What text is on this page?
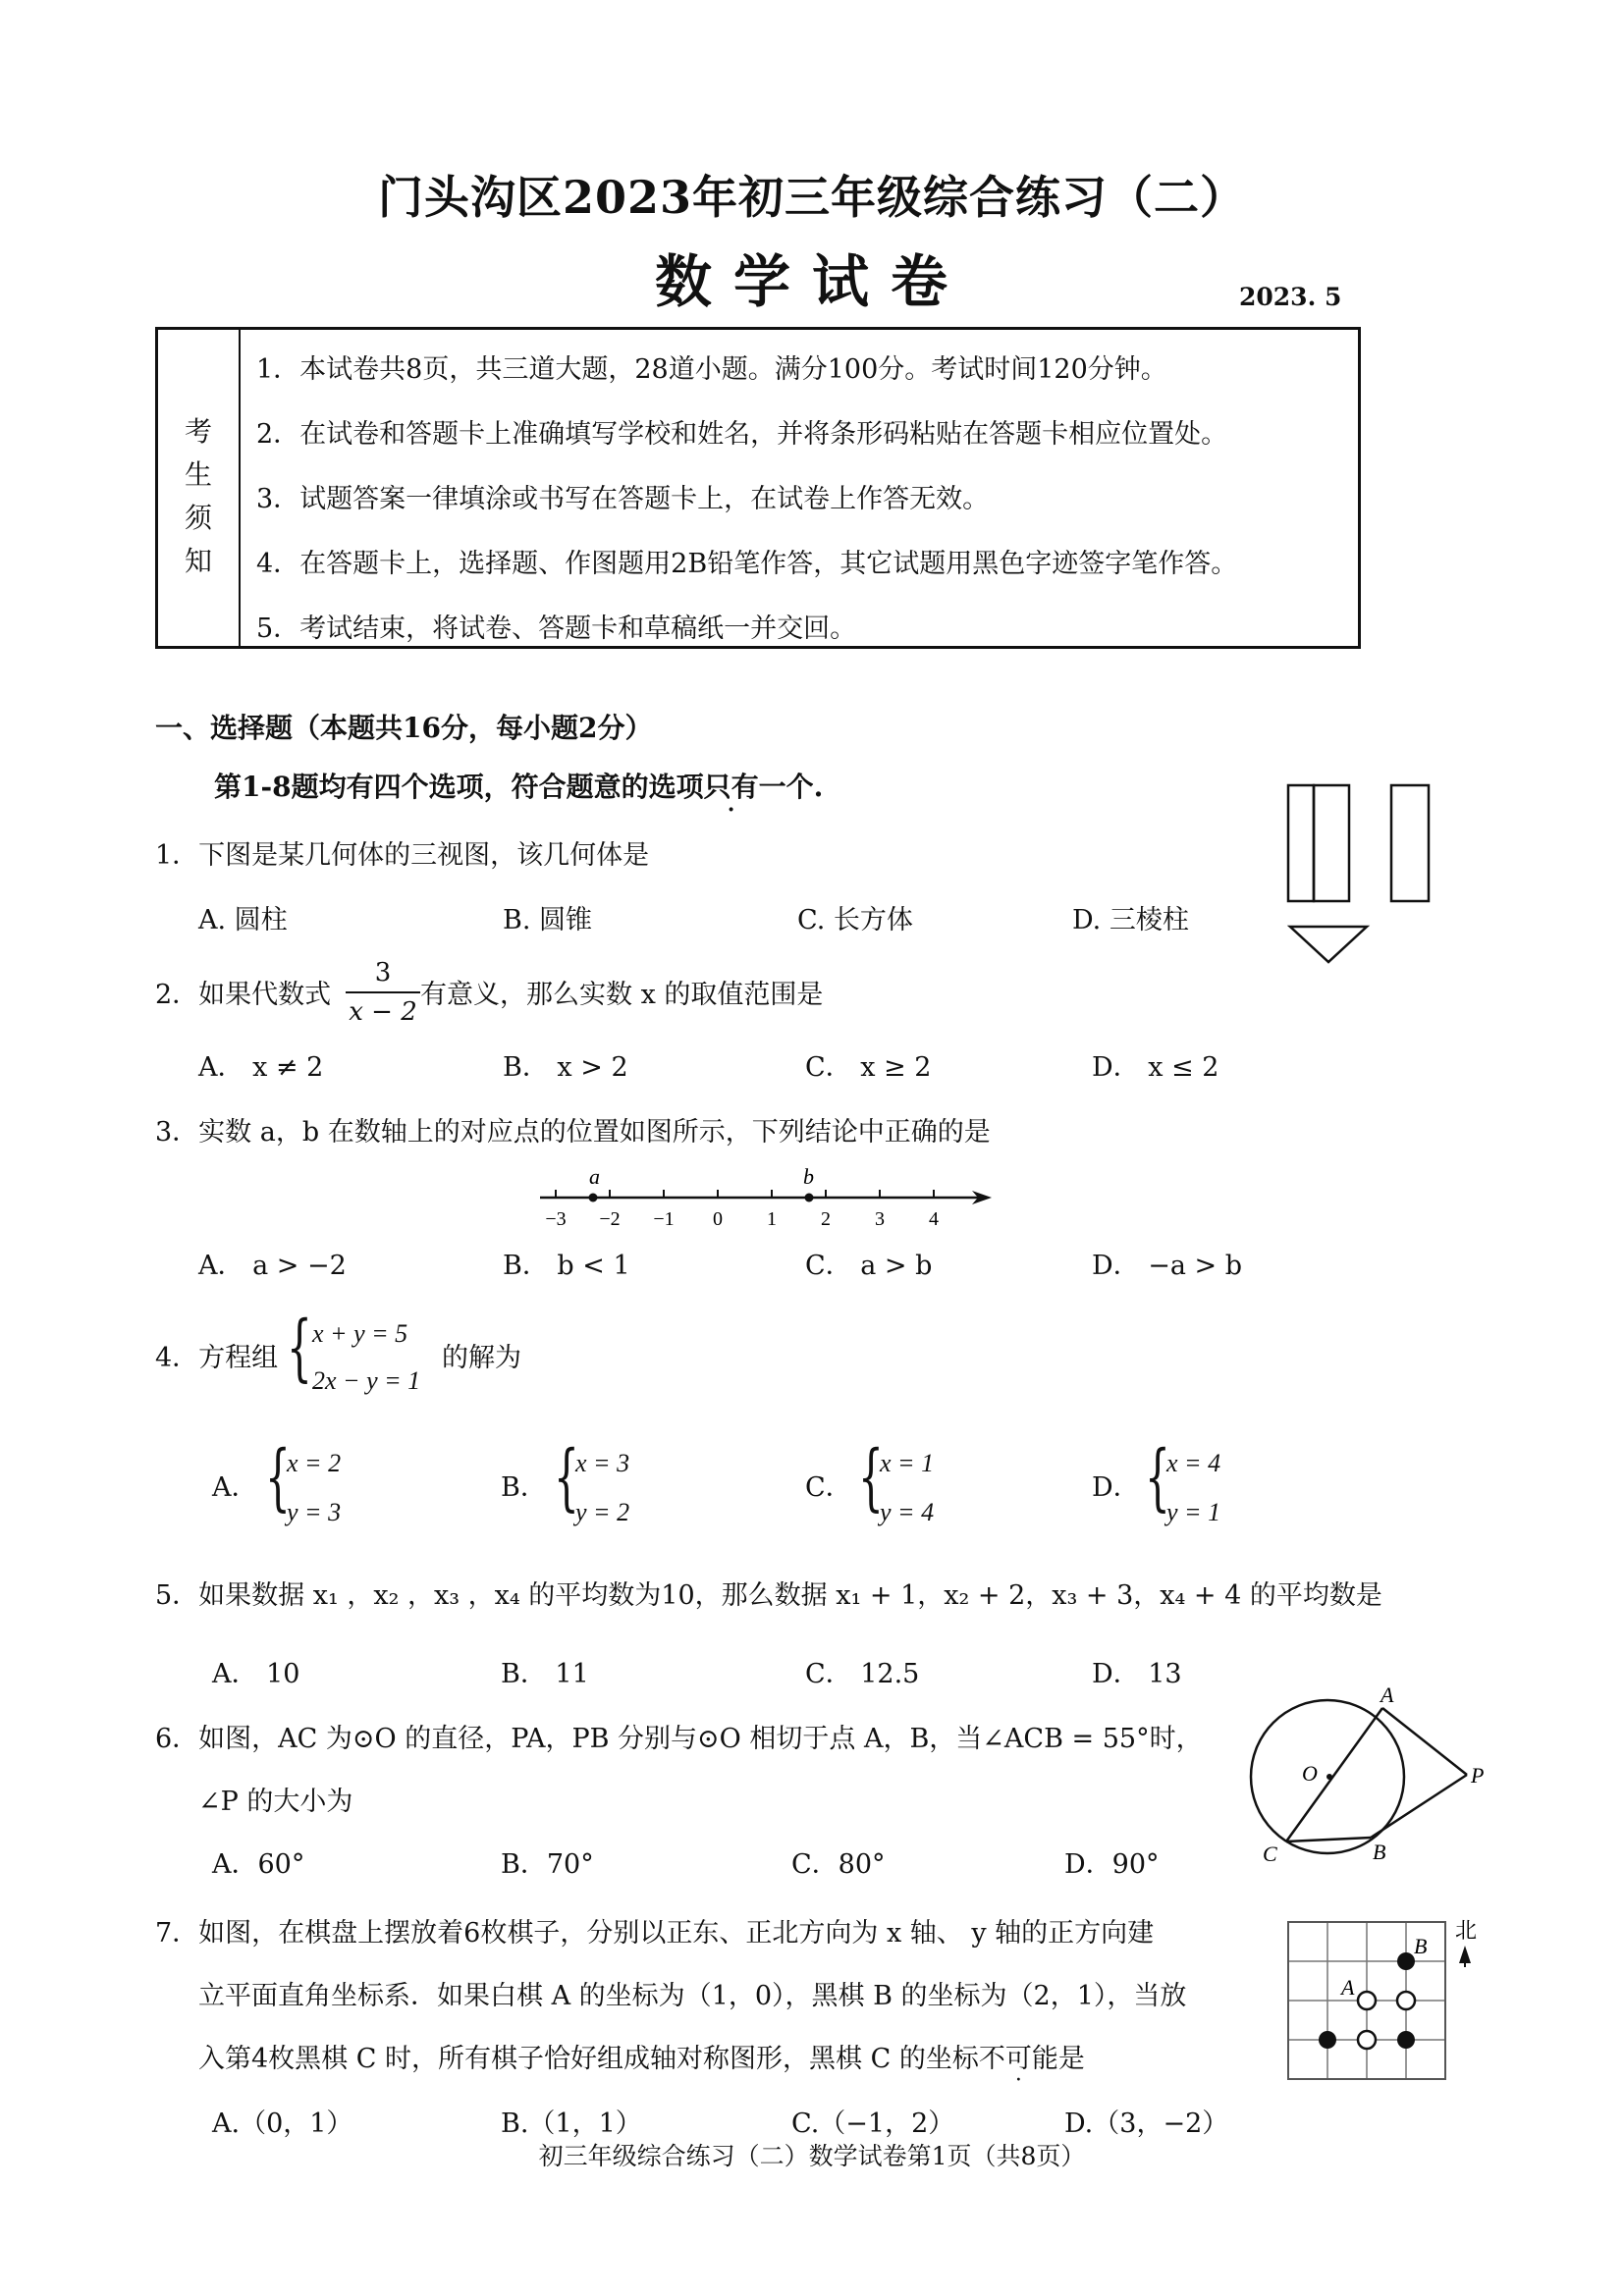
门头沟区2023年初三年级综合练习（二）
数学试卷	2023. 5
考
生
须
知
1．本试卷共8页，共三道大题，28道小题。满分100分。考试时间120分钟。
2．在试卷和答题卡上准确填写学校和姓名，并将条形码粘贴在答题卡相应位置处。
3．试题答案一律填涂或书写在答题卡上，在试卷上作答无效。
4．在答题卡上，选择题、作图题用2B铅笔作答，其它试题用黑色字迹签字笔作答。
5．考试结束，将试卷、答题卡和草稿纸一并交回。
一、选择题（本题共16分，每小题2分）
第1-8题均有四个选项，符合题意的选项只有一个.
1．下图是某几何体的三视图，该几何体是
A. 圆柱	B. 圆锥	C. 长方体	D. 三棱柱
2．如果代数式 $\frac{3}{x - 2}$ 有意义，那么实数 x 的取值范围是
A． x ≠ 2	B． x > 2	C． x ≥ 2	D． x ≤ 2
3．实数 a，b 在数轴上的对应点的位置如图所示，下列结论中正确的是
−3 −2 −1 0 1 2 3 4
a	b
A． a > −2	B． b < 1	C． a > b	D． −a > b
4．方程组 { x + y = 5
2x − y = 1
的解为
A． {
x = 2
y = 3
B． {
x = 3
y = 2
C． {
x = 1
y = 4
D． {
x = 4
y = 1
5．如果数据 x₁ ，x₂ ，x₃ ，x₄ 的平均数为10，那么数据 x₁ + 1，x₂ + 2，x₃ + 3，x₄ + 4 的平均数是
A． 10	B． 11	C． 12.5	D． 13
6．如图，AC 为⊙O 的直径，PA，PB 分别与⊙O 相切于点 A，B，当∠ACB = 55°时，
∠P 的大小为
A．60°	B．70°	C．80°	D．90°
A
O	P
C	B
7．如图，在棋盘上摆放着6枚棋子，分别以正东、正北方向为 x 轴、 y 轴的正方向建
立平面直角坐标系．如果白棋 A 的坐标为（1，0），黑棋 B 的坐标为（2，1），当放
入第4枚黑棋 C 时，所有棋子恰好组成轴对称图形，黑棋 C 的坐标不可能是
A.（0，1）	B.（1，1）	C.（−1，2）	D.（3，−2）
B
A
北
初三年级综合练习（二）数学试卷第1页（共8页）
